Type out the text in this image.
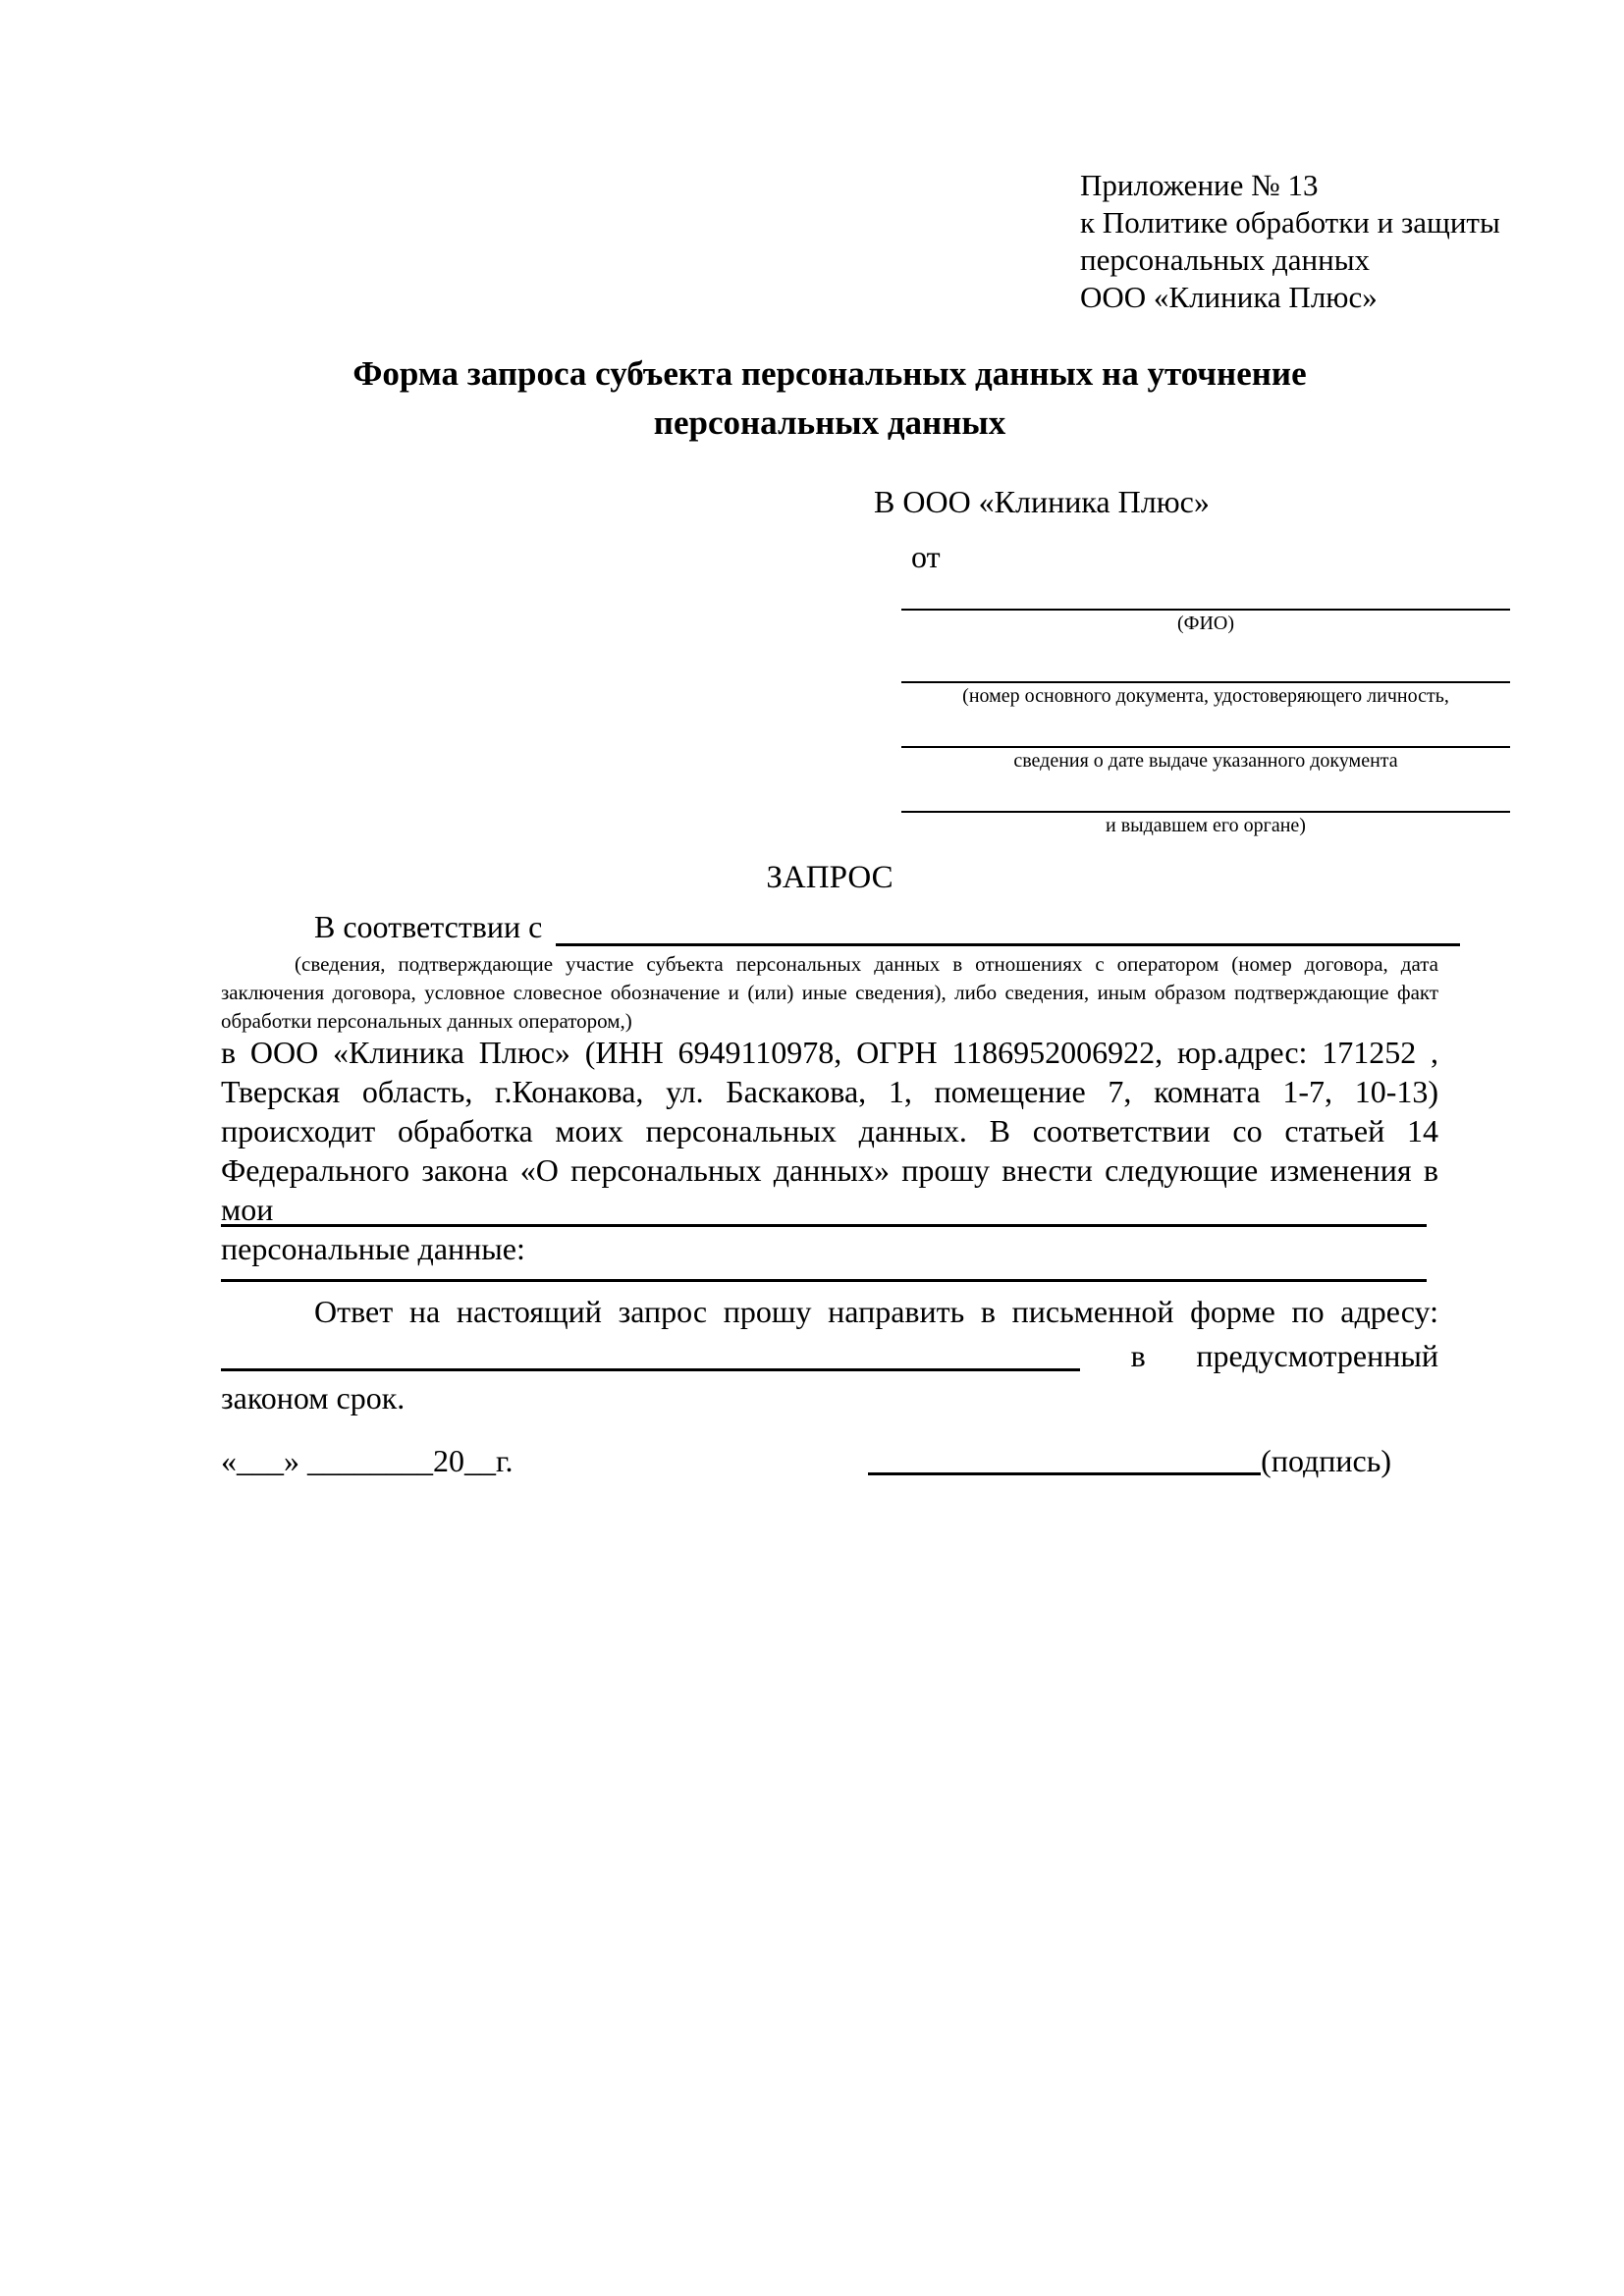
Приложение № 13
к Политике обработки и защиты
персональных данных
ООО «Клиника Плюс»
Форма запроса субъекта персональных данных на уточнение
персональных данных
В ООО «Клиника Плюс»
от
(ФИО)
(номер основного документа, удостоверяющего личность,
сведения о дате выдаче указанного документа
и выдавшем его органе)
ЗАПРОС
В соответствии с
(сведения, подтверждающие участие субъекта персональных данных в отношениях с оператором (номер договора, дата
заключения договора, условное словесное обозначение и (или) иные сведения), либо сведения, иным образом подтверждающие факт
обработки персональных данных оператором,)
в ООО «Клиника Плюс» (ИНН 6949110978, ОГРН 1186952006922, юр.адрес: 171252 ,
Тверская область, г.Конакова, ул. Баскакова, 1, помещение 7, комната 1-7, 10-13)
происходит обработка моих персональных данных. В соответствии со статьей 14
Федерального закона «О персональных данных» прошу внести следующие изменения в мои
персональные данные:
Ответ на настоящий запрос прошу направить в письменной форме по адресу:
в предусмотренный
законом срок.
«___» ________20__г.	(подпись)
